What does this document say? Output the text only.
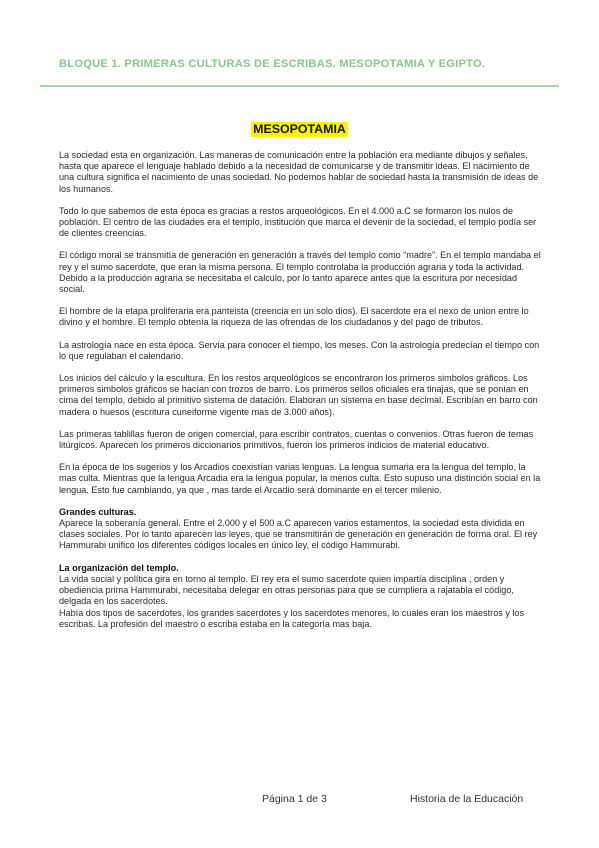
BLOQUE 1. PRIMERAS CULTURAS DE ESCRIBAS. MESOPOTAMIA Y EGIPTO.
MESOPOTAMIA

La sociedad esta en organización. Las maneras de comunicación entre la población era mediante dibujos y señales, hasta que aparece el lenguaje hablado debido a la necesidad de comunicarse y de transmitir ideas. El nacimiento de una cultura significa el nacimiento de unas sociedad. No podemos hablar de sociedad hasta la transmisión de ideas de los humanos.

Todo lo que sabemos de esta época es gracias a restos arqueológicos. En el 4.000 a.C se formaron los nulos de población. El centro de las ciudades era el templo, institución que marca el devenir de la sociedad, el templo podía ser de clientes creencias.

El código moral se transmitía de generación en generación a través del templo como “madre”. En el templo mandaba el rey y el sumo sacerdote, que eran la misma persona. El templo controlaba la producción agraria y toda la actividad. Debido a la producción agraria se necesitaba el calculo, por lo tanto aparece antes que la escritura por necesidad social.

El hombre de la etapa proliferaria era panteista (creencia en un solo dios). El sacerdote era el nexo de union entre lo divino y el hombre. El templo obtenía la riqueza de las ofrendas de los ciudadanos y del pago de tributos.

La astrología nace en esta época. Servía para conocer el tiempo, los meses. Con la astrología predecían el tiempo con lo que regulaban el calendario.

Los inicios del cálculo y la escultura. En los restos arqueológicos se encontraron los primeros simbolos gráficos. Los primeros simbolos gráficos se hacían con trozos de barro. Los primeros sellos oficiales era tinajas, que se ponían en cima del templo, debido al primitivo sistema de datación. Elaboran un sistema en base decimal. Escribían en barro con madera o huesos (escritura cuneiforme vigente mas de 3.000 años).

Las primeras tablillas fueron de origen comercial, para escribir contratos, cuentas o convenios. Otras fueron de temas litúrgicos. Aparecen los primeros diccionarios primitivos, fueron los primeros indicios de material educativo.

En la época de los sugerios y los Arcadios coexistían varias lenguas. La lengua sumaria era la lengua del templo, la mas culta. Mientras que la lengua Arcadia era la lengua popular, la menos culta. Esto supuso una distinción social en la lengua. Esto fue cambiando, ya que , mas tarde el Arcadio será dominante en el tercer milenio.

Grandes culturas.

Aparece la soberanía general. Entre el 2.000 y el 500 a.C aparecen varios estamentos, la sociedad esta dividida en clases sociales. Por lo tanto aparecen las leyes, que se transmitirán de generación en generación de forma oral. El rey Hammurabi unifico los diferentes códigos locales en único ley, el código Hammurabi.

La organización del templo.

La vida social y política gira en torno al templo. El rey era el sumo sacerdote quien impartía disciplina , orden y obediencia prima Hammurabi, necesitaba delegar en otras personas para que se cumpliera a rajatabla el código, delgada en los sacerdotes.

Había dos tipos de sacerdotes, los grandes sacerdotes y los sacerdotes menores, lo cuales eran los maestros y los escribas. La profesión del maestro o escriba estaba en la categoría mas baja.

Página 1 de 3	Historia de la Educación
